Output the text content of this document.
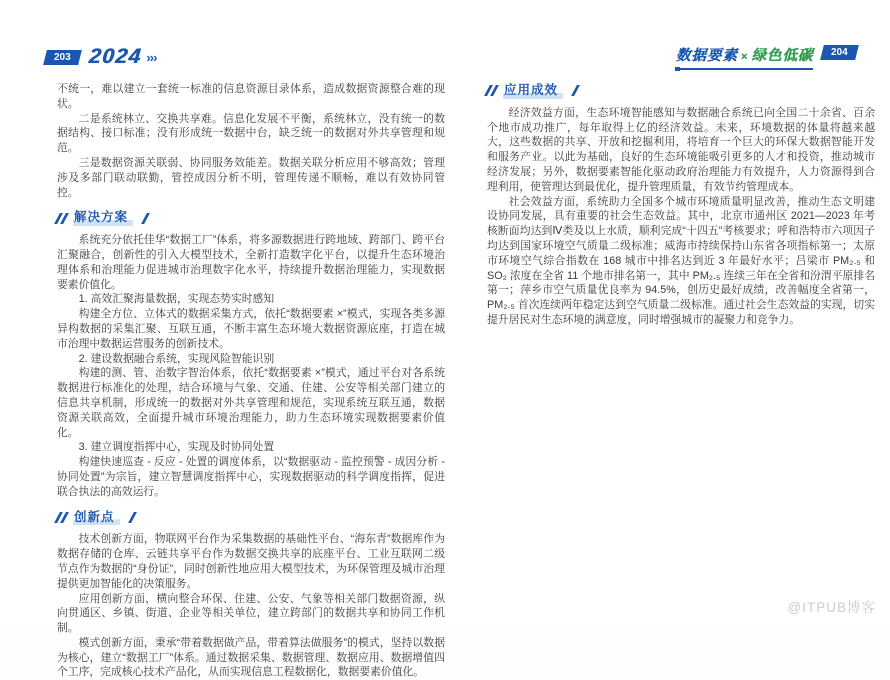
203 2024 ›››	数据要素 × 绿色低碳	204

不统一，难以建立一套统一标准的信息资源目录体系，造成数据资源整合难的现状。

二是系统林立、交换共享难。信息化发展不平衡，系统林立，没有统一的数据结构、接口标准；没有形成统一数据中台，缺乏统一的数据对外共享管理和规范。

三是数据资源关联弱、协同服务效能差。数据关联分析应用不够高效；管理涉及多部门联动联勤，管控成因分析不明，管理传递不顺畅，难以有效协同管控。

解决方案

系统充分依托佳华“数据工厂”体系，将多源数据进行跨地域、跨部门、跨平台汇聚融合，创新性的引入大模型技术，全新打造数字化平台，以提升生态环境治理体系和治理能力促进城市治理数字化水平，持续提升数据治理能力，实现数据要素价值化。

1. 高效汇聚海量数据，实现态势实时感知

构建全方位、立体式的数据采集方式，依托“数据要素 ×”模式，实现各类多源异构数据的采集汇聚、互联互通，不断丰富生态环境大数据资源底座，打造在城市治理中数据运营服务的创新技术。

2. 建设数据融合系统，实现风险智能识别

构建的测、管、治数字智治体系，依托“数据要素 ×”模式，通过平台对各系统数据进行标准化的处理，结合环境与气象、交通、住建、公安等相关部门建立的信息共享机制，形成统一的数据对外共享管理和规范，实现系统互联互通，数据资源关联高效，全面提升城市环境治理能力，助力生态环境实现数据要素价值化。

3. 建立调度指挥中心，实现及时协同处置

构建快速巡查 - 反应 - 处置的调度体系，以“数据驱动 - 监控预警 - 成因分析 - 协同处置”为宗旨，建立智慧调度指挥中心，实现数据驱动的科学调度指挥，促进联合执法的高效运行。

创新点

技术创新方面，物联网平台作为采集数据的基础性平台、“海东青”数据库作为数据存储的仓库、云链共享平台作为数据交换共享的底座平台、工业互联网二级节点作为数据的“身份证”，同时创新性地应用大模型技术，为环保管理及城市治理提供更加智能化的决策服务。

应用创新方面，横向整合环保、住建、公安、气象等相关部门数据资源，纵向贯通区、乡镇、街道、企业等相关单位，建立跨部门的数据共享和协同工作机制。

模式创新方面，秉承“带着数据做产品，带着算法做服务”的模式，坚持以数据为核心，建立“数据工厂”体系。通过数据采集、数据管理、数据应用、数据增值四个工序，完成核心技术产品化，从而实现信息工程数据化，数据要素价值化。

应用成效

经济效益方面，生态环境智能感知与数据融合系统已向全国二十余省、百余个地市成功推广，每年取得上亿的经济效益。未来，环境数据的体量将越来越大，这些数据的共享、开放和挖掘利用，将培育一个巨大的环保大数据智能开发和服务产业。以此为基础，良好的生态环境能吸引更多的人才和投资，推动城市经济发展；另外，数据要素智能化驱动政府治理能力有效提升，人力资源得到合理利用，使管理达到最优化，提升管理质量，有效节约管理成本。

社会效益方面，系统助力全国多个城市环境质量明显改善，推动生态文明建设协同发展，具有重要的社会生态效益。其中，北京市通州区 2021—2023 年考核断面均达到Ⅳ类及以上水质，顺利完成“十四五”考核要求；呼和浩特市六项因子均达到国家环境空气质量二级标准；威海市持续保持山东省各项指标第一；太原市环境空气综合指数在 168 城市中排名达到近 3 年最好水平；吕梁市 PM₂.₅ 和 SO₂ 浓度在全省 11 个地市排名第一，其中 PM₂.₅ 连续三年在全省和汾渭平原排名第一；萍乡市空气质量优良率为 94.5%，创历史最好成绩，改善幅度全省第一，PM₂.₅ 首次连续两年稳定达到空气质量二级标准。通过社会生态效益的实现，切实提升居民对生态环境的满意度，同时增强城市的凝聚力和竞争力。

@ITPUB博客
